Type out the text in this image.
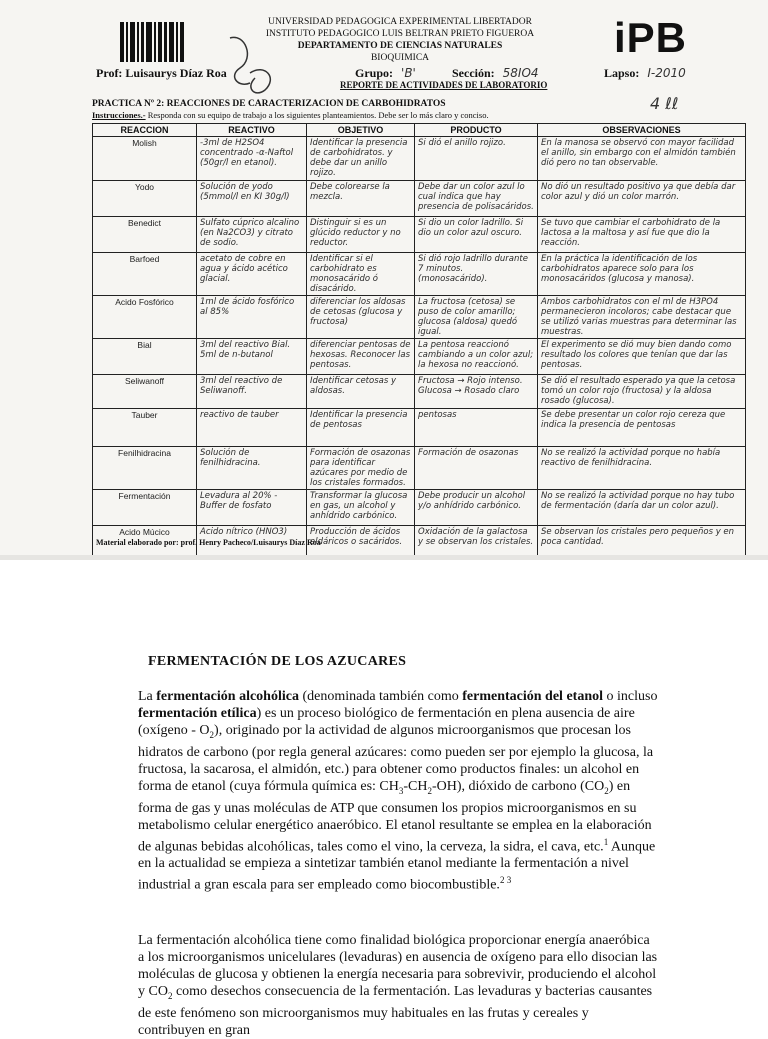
UNIVERSIDAD PEDAGOGICA EXPERIMENTAL LIBERTADOR
INSTITUTO PEDAGOGICO LUIS BELTRAN PRIETO FIGUEROA
DEPARTAMENTO DE CIENCIAS NATURALES
BIOQUIMICA	iPB
Prof: Luisaurys Díaz Roa	Grupo: 'B'	Sección: 58IO4	Lapso: I-2010
REPORTE DE ACTIVIDADES DE LABORATORIO
4 ℓℓ
PRACTICA Nº 2: REACCIONES DE CARACTERIZACION DE CARBOHIDRATOS
Instrucciones.- Responda con su equipo de trabajo a los siguientes planteamientos. Debe ser lo más claro y conciso.
REACCION	REACTIVO	OBJETIVO	PRODUCTO	OBSERVACIONES
Molish	-3ml de H2SO4 concentrado -α-Naftol (50gr/l en etanol).	Identificar la presencia de carbohidratos. y debe dar un anillo rojizo.	Si dió el anillo rojizo.	En la manosa se observó con mayor facilidad el anillo, sin embargo con el almidón también dió pero no tan observable.
Yodo	Solución de yodo (5mmol/l en KI 30g/l)	Debe colorearse la mezcla.	Debe dar un color azul lo cual indica que hay presencia de polisacáridos.	No dió un resultado positivo ya que debía dar color azul y dió un color marrón.
Benedict	Sulfato cúprico alcalino (en Na2CO3) y citrato de sodio.	Distinguir si es un glúcido reductor y no reductor.	Si dio un color ladrillo. Si dio un color azul oscuro.	Se tuvo que cambiar el carbohidrato de la lactosa a la maltosa y así fue que dio la reacción.
Barfoed	acetato de cobre en agua y ácido acético glacial.	Identificar si el carbohidrato es monosacárido ó disacárido.	Si dió rojo ladrillo durante 7 minutos. (monosacárido).	En la práctica la identificación de los carbohidratos aparece solo para los monosacáridos (glucosa y manosa).
Acido Fosfórico	1ml de ácido fosfórico al 85%	diferenciar los aldosas de cetosas (glucosa y fructosa)	La fructosa (cetosa) se puso de color amarillo; glucosa (aldosa) quedó igual.	Ambos carbohidratos con el ml de H3PO4 permanecieron incoloros; cabe destacar que se utilizó varias muestras para determinar las muestras.
Bial	3ml del reactivo Bial. 5ml de n-butanol	diferenciar pentosas de hexosas. Reconocer las pentosas.	La pentosa reaccionó cambiando a un color azul; la hexosa no reaccionó.	El experimento se dió muy bien dando como resultado los colores que tenían que dar las pentosas.
Seliwanoff	3ml del reactivo de Seliwanoff.	Identificar cetosas y aldosas.	Fructosa → Rojo intenso. Glucosa → Rosado claro	Se dió el resultado esperado ya que la cetosa tomó un color rojo (fructosa) y la aldosa rosado (glucosa).
Tauber	reactivo de tauber	Identificar la presencia de pentosas	pentosas	Se debe presentar un color rojo cereza que indica la presencia de pentosas
Fenilhidracina	Solución de fenilhidracina.	Formación de osazonas para identificar azúcares por medio de los cristales formados.	Formación de osazonas	No se realizó la actividad porque no había reactivo de fenilhidracina.
Fermentación	Levadura al 20% - Buffer de fosfato	Transformar la glucosa en gas, un alcohol y anhídrido carbónico.	Debe producir un alcohol y/o anhídrido carbónico.	No se realizó la actividad porque no hay tubo de fermentación (daría dar un color azul).
Acido Múcico	Acido nítrico (HNO3)	Producción de ácidos aldáricos o sacáridos.	Oxidación de la galactosa y se observan los cristales.	Se observan los cristales pero pequeños y en poca cantidad.
Material elaborado por: prof. Henry Pacheco/Luisaurys Díaz Roa
FERMENTACIÓN DE LOS AZUCARES

La fermentación alcohólica (denominada también como fermentación del etanol o incluso fermentación etílica) es un proceso biológico de fermentación en plena ausencia de aire (oxígeno - $O_2$), originado por la actividad de algunos microorganismos que procesan los hidratos de carbono (por regla general azúcares: como pueden ser por ejemplo la glucosa, la fructosa, la sacarosa, el almidón, etc.) para obtener como productos finales: un alcohol en forma de etanol (cuya fórmula química es: $CH_3-CH_2-OH$), dióxido de carbono $(CO_2)$ en forma de gas y unas moléculas de ATP que consumen los propios microorganismos en su metabolismo celular energético anaeróbico. El etanol resultante se emplea en la elaboración de algunas bebidas alcohólicas, tales como el vino, la cerveza, la sidra, el cava, etc.$^1$ Aunque en la actualidad se empieza a sintetizar también etanol mediante la fermentación a nivel industrial a gran escala para ser empleado como biocombustible.$^{2 3}$

La fermentación alcohólica tiene como finalidad biológica proporcionar energía anaeróbica a los microorganismos unicelulares (levaduras) en ausencia de oxígeno para ello disocian las moléculas de glucosa y obtienen la energía necesaria para sobrevivir, produciendo el alcohol y $CO_2$ como desechos consecuencia de la fermentación. Las levaduras y bacterias causantes de este fenómeno son microorganismos muy habituales en las frutas y cereales y contribuyen en gran
